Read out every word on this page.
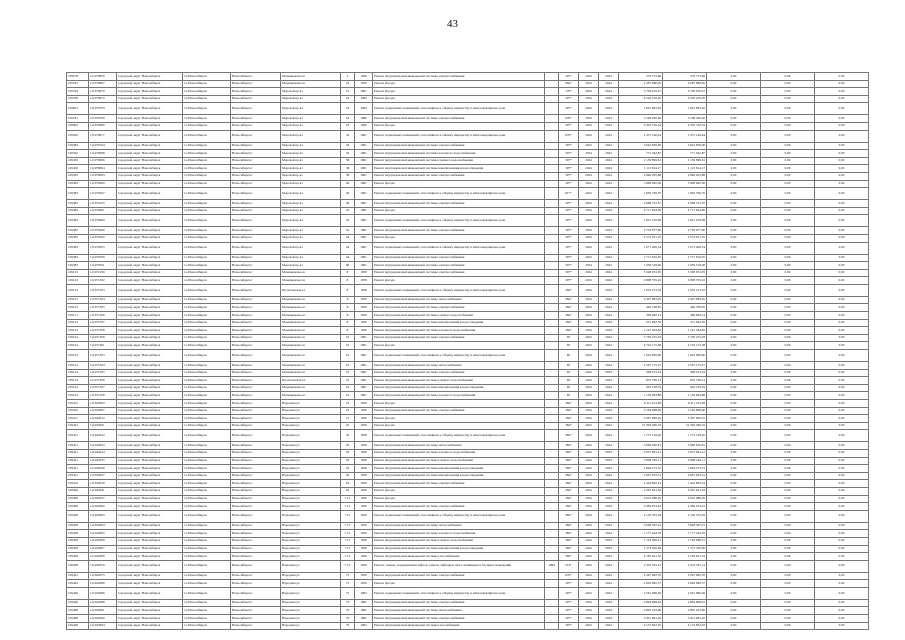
43
109678	111979659	городской округ Новосибирск	г.о.Новосибирск	Новосибирск г	Мочищенское ш	2	1956	Ремонт внутридомовой инженерной системы электроснабжения		307*	2024	2024	279 753,66	279 753,66	0,00	0,00	0,00
109781	111979667	городской округ Новосибирск	г.о.Новосибирск	Новосибирск г	Мочищенское ш	18	1956	Ремонт фасада		684*	2024	2024	2 287 686,20	2 287 686,20	0,00	0,00	0,00
109794	111979670	городской округ Новосибирск	г.о.Новосибирск	Новосибирск г	Морской пр-кт	27	1961	Ремонт фасада		179*	2024	2024	3 709 670,27	3 709 670,27	0,00	0,00	0,00
109798	111979672	городской округ Новосибирск	г.о.Новосибирск	Новосибирск г	Морской пр-кт	16	1964	Ремонт фасада		307*	2024	2024	4 220 476,20	4 220 476,20	0,00	0,00	0,00
109801	111979703	городской округ Новосибирск	г.о.Новосибирск	Новосибирск г	Морской пр-кт	16	1964	Ремонт подвальных помещений, относящихся к общему имуществу в многоквартирном доме		307*	2024	2024	1 661 993,62	1 661 993,62	0,00	0,00	0,00
109781	111979709	городской округ Новосибирск	г.о.Новосибирск	Новосибирск г	Морской пр-кт	18	1960	Ремонт внутридомовой инженерной системы электроснабжения		679*	2024	2024	3 198 200,46	3 198 200,46	0,00	0,00	0,00
109803	111979080	городской округ Новосибирск	г.о.Новосибирск	Новосибирск г	Морской пр-кт	18	1960	Ремонт фасада		307*	2024	2024	4 303 316,34	4 303 316,34	0,00	0,00	0,00
109562	111979077	городской округ Новосибирск	г.о.Новосибирск	Новосибирск г	Морской пр-кт	34	1961	Ремонт подвальных помещений, относящихся к общему имуществу в многоквартирном доме		679*	2024	2024	1 475 146,44	1 475 146,44	0,00	0,00	0,00
109383	111979184	городской округ Новосибирск	г.о.Новосибирск	Новосибирск г	Морской пр-кт	34	1961	Ремонт внутридомовой инженерной системы электроснабжения		307*	2024	2024	3 642 836,96	3 642 836,96	0,00	0,00	0,00
109562	111979098	городской округ Новосибирск	г.о.Новосибирск	Новосибирск г	Морской пр-кт	34	1961	Ремонт внутридомовой инженерной системы холодного водоснабжения		307*	2024	2024	771 042,87	771 042,87	0,00	0,00	0,00
109450	111979096	городской округ Новосибирск	г.о.Новосибирск	Новосибирск г	Морской пр-кт	38	1961	Ремонт внутридомовой инженерной системы горячего водоснабжения		307*	2024	2024	1 159 899,61	1 159 899,61	0,00	0,00	0,00
109450	111979094	городской округ Новосибирск	г.о.Новосибирск	Новосибирск г	Морской пр-кт	38	1961	Ремонт внутридомовой инженерной системы канализования и водоотведения		307*	2024	2024	1 113 814,17	1 113 814,17	0,00	0,00	0,00
109383	111979093	городской округ Новосибирск	г.о.Новосибирск	Новосибирск г	Морской пр-кт	39	1961	Ремонт внутридомовой инженерной системы электроснабжения		307*	2024	2024	2 846 205,88	2 846 205,88	0,00	0,00	0,00
109383	111979209	городской округ Новосибирск	г.о.Новосибирск	Новосибирск г	Морской пр-кт	40	1961	Ремонт фасада		307*	2024	2024	5 908 662,36	5 908 662,36	0,00	0,00	0,00
109383	111979207	городской округ Новосибирск	г.о.Новосибирск	Новосибирск г	Морской пр-кт	40	1961	Ремонт подвальных помещений, относящихся к общему имуществу в многоквартирном доме		617*	2024	2024	1 850 796,70	1 850 796,70	0,00	0,00	0,00
109383	111979195	городской округ Новосибирск	г.о.Новосибирск	Новосибирск г	Морской пр-кт	40	1961	Ремонт внутридомовой инженерной системы электроснабжения		307*	2024	2024	2 668 741,37	2 668 741,37	0,00	0,00	0,00
109384	111979401	городской округ Новосибирск	г.о.Новосибирск	Новосибирск г	Морской пр-кт	42	1961	Ремонт фасада		307*	2024	2024	4 717 824,06	4 717 824,06	0,00	0,00	0,00
109384	111979400	городской округ Новосибирск	г.о.Новосибирск	Новосибирск г	Морской пр-кт	42	1961	Ремонт подвальных помещений, относящихся к общему имуществу в многоквартирном доме		307*	2024	2024	1 621 019,09	1 621 019,09	0,00	0,00	0,00
109384	111979406	городской округ Новосибирск	г.о.Новосибирск	Новосибирск г	Морской пр-кт	42	1961	Ремонт внутридомовой инженерной системы электроснабжения		307*	2024	2024	2 703 977,00	2 703 977,00	0,00	0,00	0,00
109383	111979500	городской округ Новосибирск	г.о.Новосибирск	Новосибирск г	Морской пр-кт	44	1961	Ремонт фасада		307*	2024	2024	4 574 051,35	4 574 051,35	0,00	0,00	0,00
109383	111979505	городской округ Новосибирск	г.о.Новосибирск	Новосибирск г	Морской пр-кт	44	1961	Ремонт подвальных помещений, относящихся к общему имуществу в многоквартирном доме		307*	2024	2024	1 671 409,54	1 671 409,54	0,00	0,00	0,00
109383	111979508	городской округ Новосибирск	г.о.Новосибирск	Новосибирск г	Морской пр-кт	44	1961	Ремонт внутридомовой инженерной системы электроснабжения		307*	2024	2024	2 717 816,05	2 717 816,05	0,00	0,00	0,00
109383	111979501	городской округ Новосибирск	г.о.Новосибирск	Новосибирск г	Морской пр-кт	46	1961	Ремонт внутридомовой инженерной системы электроснабжения		307*	2024	2024	1 659 518,06	1 659 518,06	0,00	0,00	0,00
109123	111971299	городской округ Новосибирск	г.о.Новосибирск	Новосибирск г	Мочищенское ш	8	1958	Ремонт внутридомовой инженерной системы электроснабжения		307*	2024	2024	5 328 972,05	5 328 972,05	0,00	0,00	0,00
109123	111971302	городской округ Новосибирск	г.о.Новосибирск	Новосибирск г	Мочищенское ш	8	1958	Ремонт фасада		307*	2024	2024	4 808 705,22	4 808 705,22	0,00	0,00	0,00
109123	111971303	городской округ Новосибирск	г.о.Новосибирск	Новосибирск г	Пролетарская ул	8	1958	Ремонт подвальных помещений, относящихся к общему имуществу в многоквартирном доме		384*	2024	2024	1 032 213,32	1 032 213,32	0,00	0,00	0,00
109123	111971304	городской округ Новосибирск	г.о.Новосибирск	Новосибирск г	Мочищенское ш	8	1959	Ремонт внутридомовой инженерной системы теплоснабжения		384*	2024	2024	2 397 883,20	2 397 883,20	0,00	0,00	0,00
109123	111971305	городской округ Новосибирск	г.о.Новосибирск	Новосибирск г	Мочищенское ш	8	1959	Ремонт внутридомовой инженерной системы электроснабжения		384*	2024	2024	449 798,95	449 798,95	0,00	0,00	0,00
109171	111971306	городской округ Новосибирск	г.о.Новосибирск	Новосибирск г	Мочищенское ш	8	1959	Ремонт внутридомовой инженерной системы горячего водоснабжения		384*	2024	2024	399 662,14	399 662,14	0,00	0,00	0,00
109123	111971307	городской округ Новосибирск	г.о.Новосибирск	Новосибирск г	Мочищенское ш	8	1959	Ремонт внутридомовой инженерной системы канализования и водоотведения		384*	2024	2024	351 942,59	351 942,59	0,00	0,00	0,00
109123	111971308	городской округ Новосибирск	г.о.Новосибирск	Новосибирск г	Мочищенское ш	8	1959	Ремонт внутридомовой инженерной системы холодного водоснабжения		384*	2024	2024	1 141 364,82	1 141 364,82	0,00	0,00	0,00
109124	111971309	городской округ Новосибирск	г.о.Новосибирск	Новосибирск г	Мочищенское ш	10	1961	Ремонт внутридомовой инженерной системы электроснабжения		85	2024	2024	5 750 475,03	5 750 475,03	0,00	0,00	0,00
109124	111971301	городской округ Новосибирск	г.о.Новосибирск	Новосибирск г	Мочищенское ш	10	1961	Ремонт фасада		85	2024	2024	4 722 175,38	4 722 175,38	0,00	0,00	0,00
109124	111971303	городской округ Новосибирск	г.о.Новосибирск	Новосибирск г	Мочищенское ш	10	1961	Ремонт подвальных помещений, относящихся к общему имуществу в многоквартирном доме		85	2024	2024	1 042 899,60	1 042 899,60	0,00	0,00	0,00
109124	111971304	городской округ Новосибирск	г.о.Новосибирск	Новосибирск г	Мочищенское ш	10	1961	Ремонт внутридомовой инженерной системы теплоснабжения		85	2024	2024	2 567 175,27	2 567 175,27	0,00	0,00	0,00
109124	111971305	городской округ Новосибирск	г.о.Новосибирск	Новосибирск г	Мочищенское ш	10	1961	Ремонт внутридомовой инженерной системы электроснабжения		85	2024	2024	398 913,24	398 913,24	0,00	0,00	0,00
109124	111971306	городской округ Новосибирск	г.о.Новосибирск	Новосибирск г	Пролетарская ул	10	1961	Ремонт внутридомовой инженерной системы горячего водоснабжения		85	2024	2024	852 706,13	852 706,13	0,00	0,00	0,00
109124	111971307	городской округ Новосибирск	г.о.Новосибирск	Новосибирск г	Мочищенское ш	10	1961	Ремонт внутридомовой инженерной системы канализования и водоотведения		85	2024	2024	903 218,19	903 218,19	0,00	0,00	0,00
109124	111971308	городской округ Новосибирск	г.о.Новосибирск	Новосибирск г	Мочищенское ш	10	1961	Ремонт внутридомовой инженерной системы холодного водоснабжения		85	2024	2024	1 159 603,88	1 159 603,88	0,00	0,00	0,00
109415	111942903	городской округ Новосибирск	г.о.Новосибирск	Новосибирск г	Народная ул	23	1959	Ремонт фасада		384*	2024	2024	6 311 413,48	6 311 413,48	0,00	0,00	0,00
109416	111942907	городской округ Новосибирск	г.о.Новосибирск	Новосибирск г	Народная ул	23	1959	Ремонт внутридомовой инженерной системы электроснабжения		384*	2024	2024	3 164 898,00	3 164 898,00	0,00	0,00	0,00
109417	111942912	городской округ Новосибирск	г.о.Новосибирск	Новосибирск г	Народная ул	27	1959	Ремонт фасада		384*	2024	2024	5 297 990,25	5 297 990,25	0,00	0,00	0,00
109421	111942921	городской округ Новосибирск	г.о.Новосибирск	Новосибирск г	Народная ул	45	1958	Ремонт фасада		384*	2024	2024	10 393 296,19	10 393 296,19	0,00	0,00	0,00
109421	111942922	городской округ Новосибирск	г.о.Новосибирск	Новосибирск г	Народная ул	45	1958	Ремонт подвальных помещений, относящихся к общему имуществу в многоквартирном доме		384*	2024	2024	1 775 129,20	1 775 129,20	0,00	0,00	0,00
109421	111942923	городской округ Новосибирск	г.о.Новосибирск	Новосибирск г	Народная ул	45	1958	Ремонт внутридомовой инженерной системы теплоснабжения		384*	2024	2024	3 669 920,81	3 669 920,81	0,00	0,00	0,00
109421	111942924	городской округ Новосибирск	г.о.Новосибирск	Новосибирск г	Народная ул	45	1958	Ремонт внутридомовой инженерной системы холодного водоснабжения		384*	2024	2024	2 037 991,41	2 037 991,41	0,00	0,00	0,00
109421	111942925	городской округ Новосибирск	г.о.Новосибирск	Новосибирск г	Народная ул	45	1958	Ремонт внутридомовой инженерной системы горячего водоснабжения		384*	2024	2024	2 808 262,11	2 808 262,11	0,00	0,00	0,00
109421	111942926	городской округ Новосибирск	г.о.Новосибирск	Новосибирск г	Народная ул	45	1958	Ремонт внутридомовой инженерной системы канализования и водоотведения		384*	2024	2024	1 864 273,31	1 864 273,31	0,00	0,00	0,00
109421	111942927	городской округ Новосибирск	г.о.Новосибирск	Новосибирск г	Народная ул	45	1958	Ремонт внутридомовой инженерной системы канализования и водоотведения		384*	2024	2024	2 967 633,12	2 967 633,12	0,00	0,00	0,00
109419	111942910	городской округ Новосибирск	г.о.Новосибирск	Новосибирск г	Народная ул	65	1959	Ремонт внутридомовой инженерной системы электроснабжения		384*	2024	2024	1 444 892,24	1 444 892,24	0,00	0,00	0,00
109426	111942941	городской округ Новосибирск	г.о.Новосибирск	Новосибирск г	Народная ул	65	1959	Ремонт фасада		384*	2024	2024	2 267 641,93	2 267 641,93	0,00	0,00	0,00
109438	111942957	городской округ Новосибирск	г.о.Новосибирск	Новосибирск г	Народная ул	71/1	1959	Ремонт фасада		384*	2024	2024	4 032 986,29	4 032 986,29	0,00	0,00	0,00
109438	111942962	городской округ Новосибирск	г.о.Новосибирск	Новосибирск г	Народная ул	71/1	1959	Ремонт внутридомовой инженерной системы электроснабжения		384*	2024	2024	2 384 074,43	2 384 074,43	0,00	0,00	0,00
109438	111942963	городской округ Новосибирск	г.о.Новосибирск	Новосибирск г	Народная ул	71/1	1959	Ремонт подвальных помещений, относящихся к общему имуществу в многоквартирном доме		384*	2024	2024	2 150 355,29	2 150 355,29	0,00	0,00	0,00
109438	111942964	городской округ Новосибирск	г.о.Новосибирск	Новосибирск г	Народная ул	71/1	1959	Ремонт внутридомовой инженерной системы теплоснабжения		384*	2024	2024	3 648 367,91	3 648 367,91	0,00	0,00	0,00
109438	111942965	городской округ Новосибирск	г.о.Новосибирск	Новосибирск г	Народная ул	71/1	1959	Ремонт внутридомовой инженерной системы холодного водоснабжения		384*	2024	2024	1 177 444,76	1 177 444,76	0,00	0,00	0,00
109438	111942966	городской округ Новосибирск	г.о.Новосибирск	Новосибирск г	Народная ул	71/1	1959	Ремонт внутридомовой инженерной системы горячего водоснабжения		384*	2024	2024	1 744 096,21	1 744 096,21	0,00	0,00	0,00
109438	111942967	городской округ Новосибирск	г.о.Новосибирск	Новосибирск г	Народная ул	71/1	1959	Ремонт внутридомовой инженерной системы канализования и водоотведения		384*	2024	2024	1 373 450,96	1 373 450,96	0,00	0,00	0,00
109438	111942968	городской округ Новосибирск	г.о.Новосибирск	Новосибирск г	Народная ул	71/1	1959	Ремонт внутридомовой инженерной системы газоснабжения		384*	2024	2024	2 183 621,53	2 183 621,53	0,00	0,00	0,00
109438	111942970	городской округ Новосибирск	г.о.Новосибирск	Новосибирск г	Народная ул	71/1	1959	Ремонт, замена, модернизация лифтов, ремонт лифтовых шахт, машинных и блочных помещений	1999	314*	2024	2024	2 416 325,14	2 416 325,14	0,00	0,00	0,00
109441	111942975	городской округ Новосибирск	г.о.Новосибирск	Новосибирск г	Народная ул	73	1959	Ремонт внутридомовой инженерной системы электроснабжения		679*	2024	2024	2 267 962,70	2 267 962,70	0,00	0,00	0,00
109443	111942980	городской округ Новосибирск	г.о.Новосибирск	Новосибирск г	Народная ул	73	1959	Ремонт фасада		307*	2024	2024	2 602 862,57	2 602 862,57	0,00	0,00	0,00
109446	111942986	городской округ Новосибирск	г.о.Новосибирск	Новосибирск г	Народная ул	75	1962	Ремонт подвальных помещений, относящихся к общему имуществу в многоквартирном доме		307*	2024	2024	2 561 996,26	2 561 996,26	0,00	0,00	0,00
109446	111942988	городской округ Новосибирск	г.о.Новосибирск	Новосибирск г	Народная ул	75	1962	Ремонт внутридомовой инженерной системы электроснабжения		307*	2024	2024	2 894 808,42	2 894 808,42	0,00	0,00	0,00
109448	111942991	городской округ Новосибирск	г.о.Новосибирск	Новосибирск г	Народная ул	79	1962	Ремонт внутридомовой инженерной системы теплоснабжения		307*	2024	2024	2 895 012,06	2 895 012,06	0,00	0,00	0,00
109448	111942992	городской округ Новосибирск	г.о.Новосибирск	Новосибирск г	Народная ул	79	1962	Ремонт внутридомовой инженерной системы электроснабжения		307*	2024	2024	3 451 981,20	3 451 981,20	0,00	0,00	0,00
109448	111942994	городской округ Новосибирск	г.о.Новосибирск	Новосибирск г	Народная ул	79	1962	Ремонт внутридомовой инженерной системы газоснабжения		307*	2024	2024	4 172 852,02	4 172 852,02	0,00	0,00	0,00
